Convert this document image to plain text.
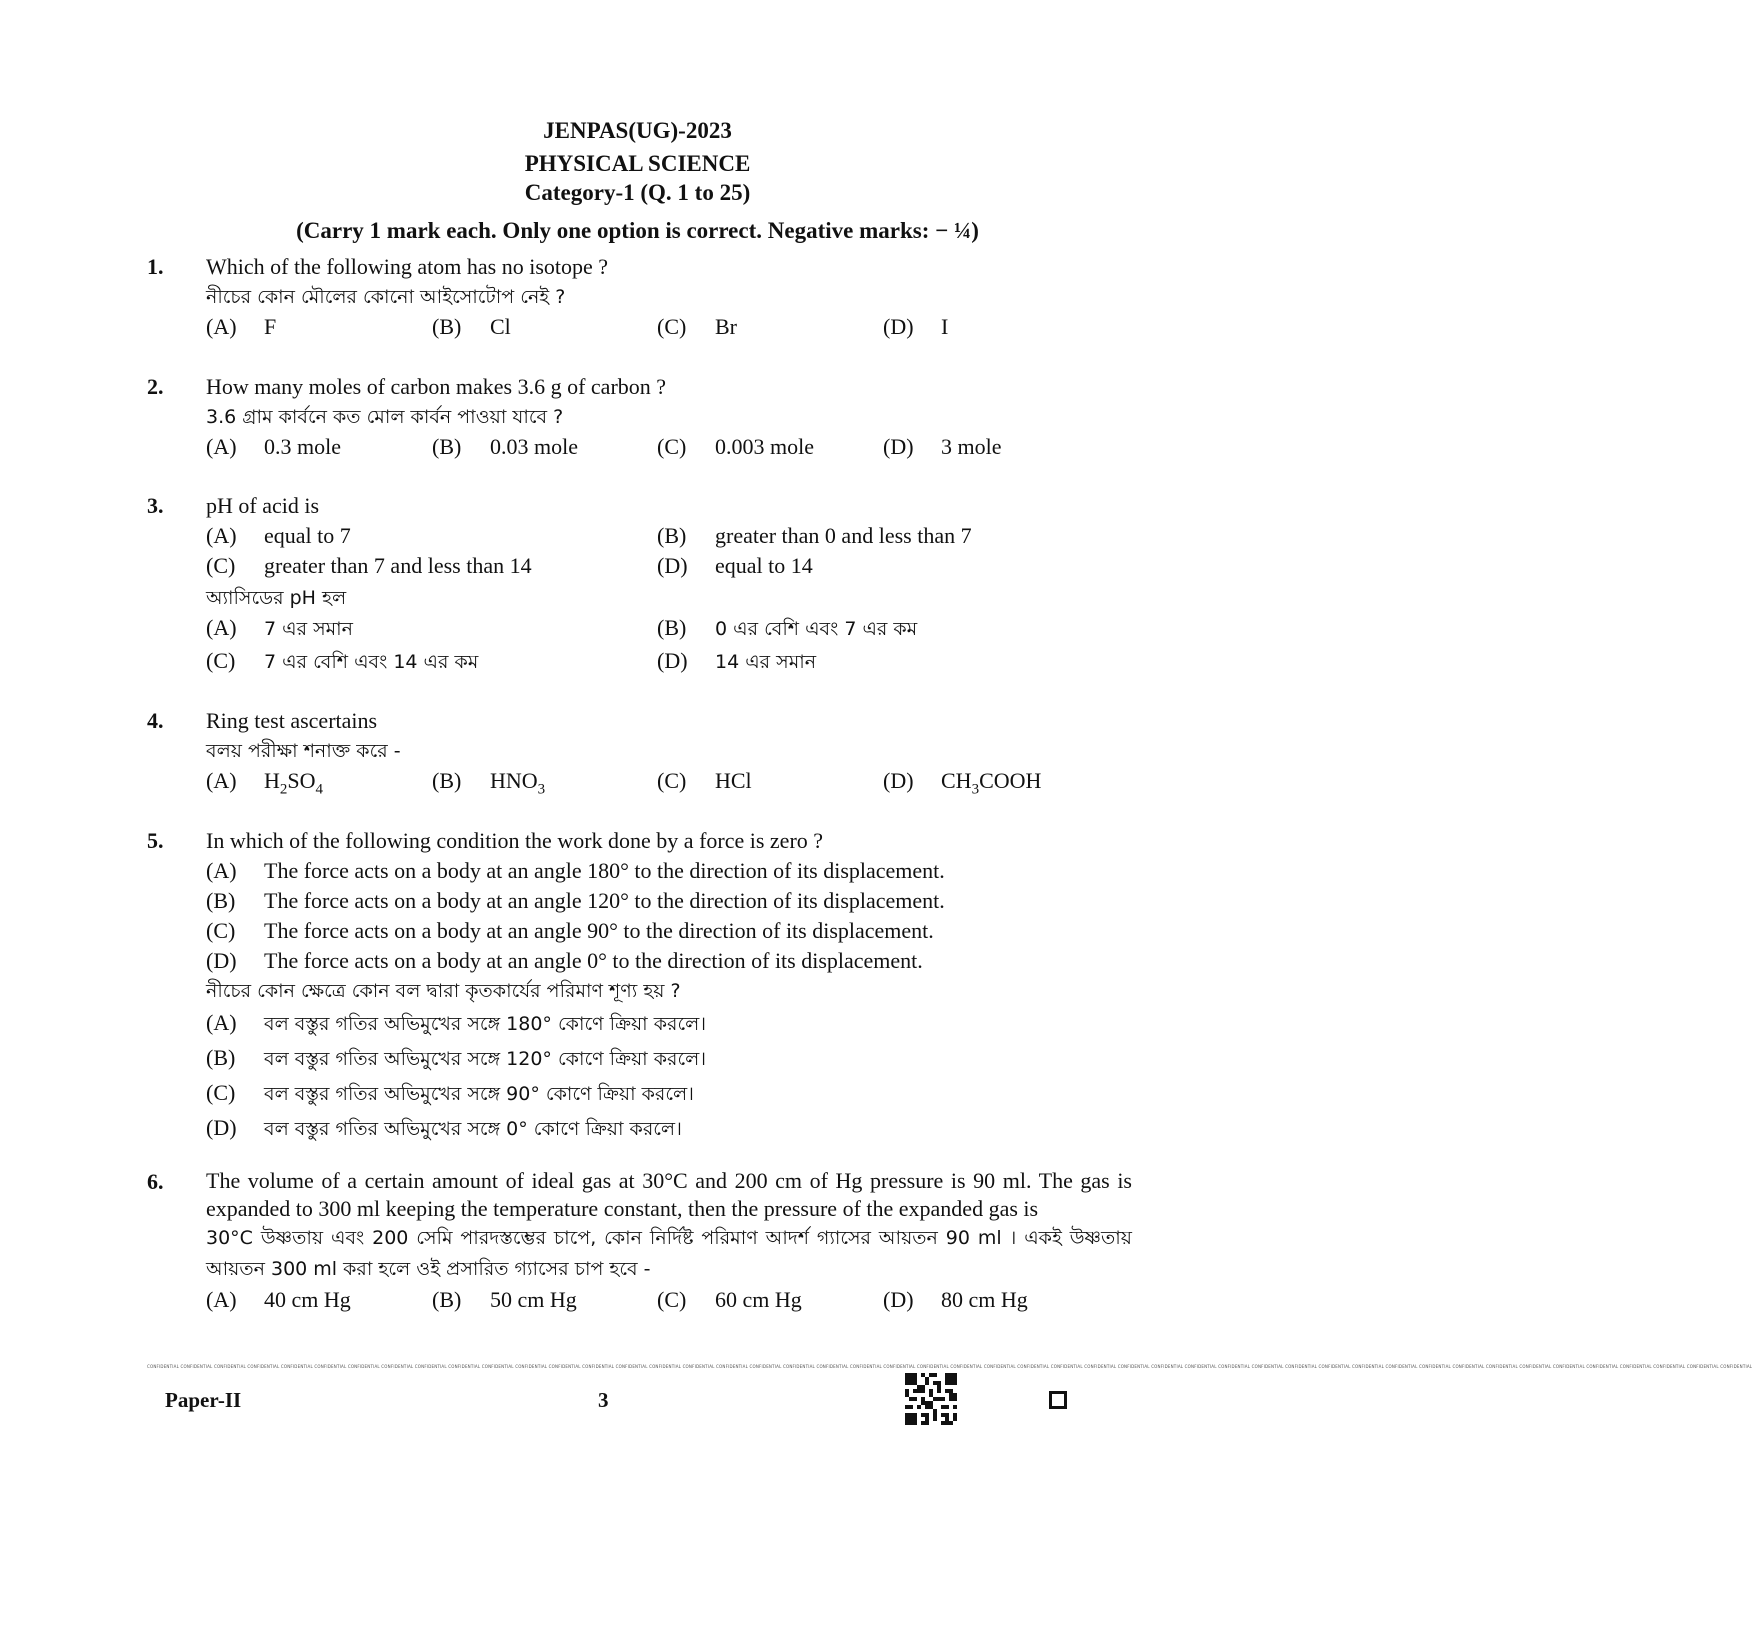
JENPAS(UG)-2023
PHYSICAL SCIENCE
Category-1 (Q. 1 to 25)
(Carry 1 mark each. Only one option is correct. Negative marks: − ¼)
1. Which of the following atom has no isotope ?
নীচের কোন মৌলের কোনো আইসোটোপ নেই ?
(A) F	(B) Cl	(C) Br	(D) I
2. How many moles of carbon makes 3.6 g of carbon ?
3.6 গ্রাম কার্বনে কত মোল কার্বন পাওয়া যাবে ?
(A) 0.3 mole	(B) 0.03 mole	(C) 0.003 mole	(D) 3 mole
3. pH of acid is
(A) equal to 7	(B) greater than 0 and less than 7
(C) greater than 7 and less than 14	(D) equal to 14
অ্যাসিডের pH হল
(A) 7 এর সমান	(B) 0 এর বেশি এবং 7 এর কম
(C) 7 এর বেশি এবং 14 এর কম	(D) 14 এর সমান
4. Ring test ascertains
বলয় পরীক্ষা শনাক্ত করে -
(A) $H_2SO_4$	(B) $HNO_3$	(C) HCl	(D) $CH_3COOH$
5. In which of the following condition the work done by a force is zero ?
(A) The force acts on a body at an angle 180° to the direction of its displacement.
(B) The force acts on a body at an angle 120° to the direction of its displacement.
(C) The force acts on a body at an angle 90° to the direction of its displacement.
(D) The force acts on a body at an angle 0° to the direction of its displacement.
নীচের কোন ক্ষেত্রে কোন বল দ্বারা কৃতকার্যের পরিমাণ শূণ্য হয় ?
(A) বল বস্তুর গতির অভিমুখের সঙ্গে 180° কোণে ক্রিয়া করলে।
(B) বল বস্তুর গতির অভিমুখের সঙ্গে 120° কোণে ক্রিয়া করলে।
(C) বল বস্তুর গতির অভিমুখের সঙ্গে 90° কোণে ক্রিয়া করলে।
(D) বল বস্তুর গতির অভিমুখের সঙ্গে 0° কোণে ক্রিয়া করলে।
6. The volume of a certain amount of ideal gas at 30°C and 200 cm of Hg pressure is 90 ml. The gas is expanded to 300 ml keeping the temperature constant, then the pressure of the expanded gas is
30°C উষ্ণতায় এবং 200 সেমি পারদস্তম্ভের চাপে, কোন নির্দিষ্ট পরিমাণ আদর্শ গ্যাসের আয়তন 90 ml । একই উষ্ণতায় আয়তন 300 ml করা হলে ওই প্রসারিত গ্যাসের চাপ হবে -
(A) 40 cm Hg	(B) 50 cm Hg	(C) 60 cm Hg	(D) 80 cm Hg
CONFIDENTIAL CONFIDENTIAL CONFIDENTIAL CONFIDENTIAL CONFIDENTIAL CONFIDENTIAL CONFIDENTIAL CONFIDENTIAL CONFIDENTIAL CONFIDENTIAL CONFIDENTIAL CONFIDENTIAL CONFIDENTIAL CONFIDENTIAL CONFIDENTIAL CONFIDENTIAL CONFIDENTIAL CONFIDENTIAL CONFIDENTIAL CONFIDENTIAL CONFIDENTIAL CONFIDENTIAL CONFIDENTIAL CONFIDENTIAL CONFIDENTIAL CONFIDENTIAL CONFIDENTIAL CONFIDENTIAL CONFIDENTIAL CONFIDENTIAL CONFIDENTIAL CONFIDENTIAL CONFIDENTIAL CONFIDENTIAL CONFIDENTIAL CONFIDENTIAL CONFIDENTIAL CONFIDENTIAL CONFIDENTIAL CONFIDENTIAL CONFIDENTIAL CONFIDENTIAL CONFIDENTIAL CONFIDENTIAL CONFIDENTIAL CONFIDENTIAL CONFIDENTIAL CONFIDENTIAL
Paper-II	3
